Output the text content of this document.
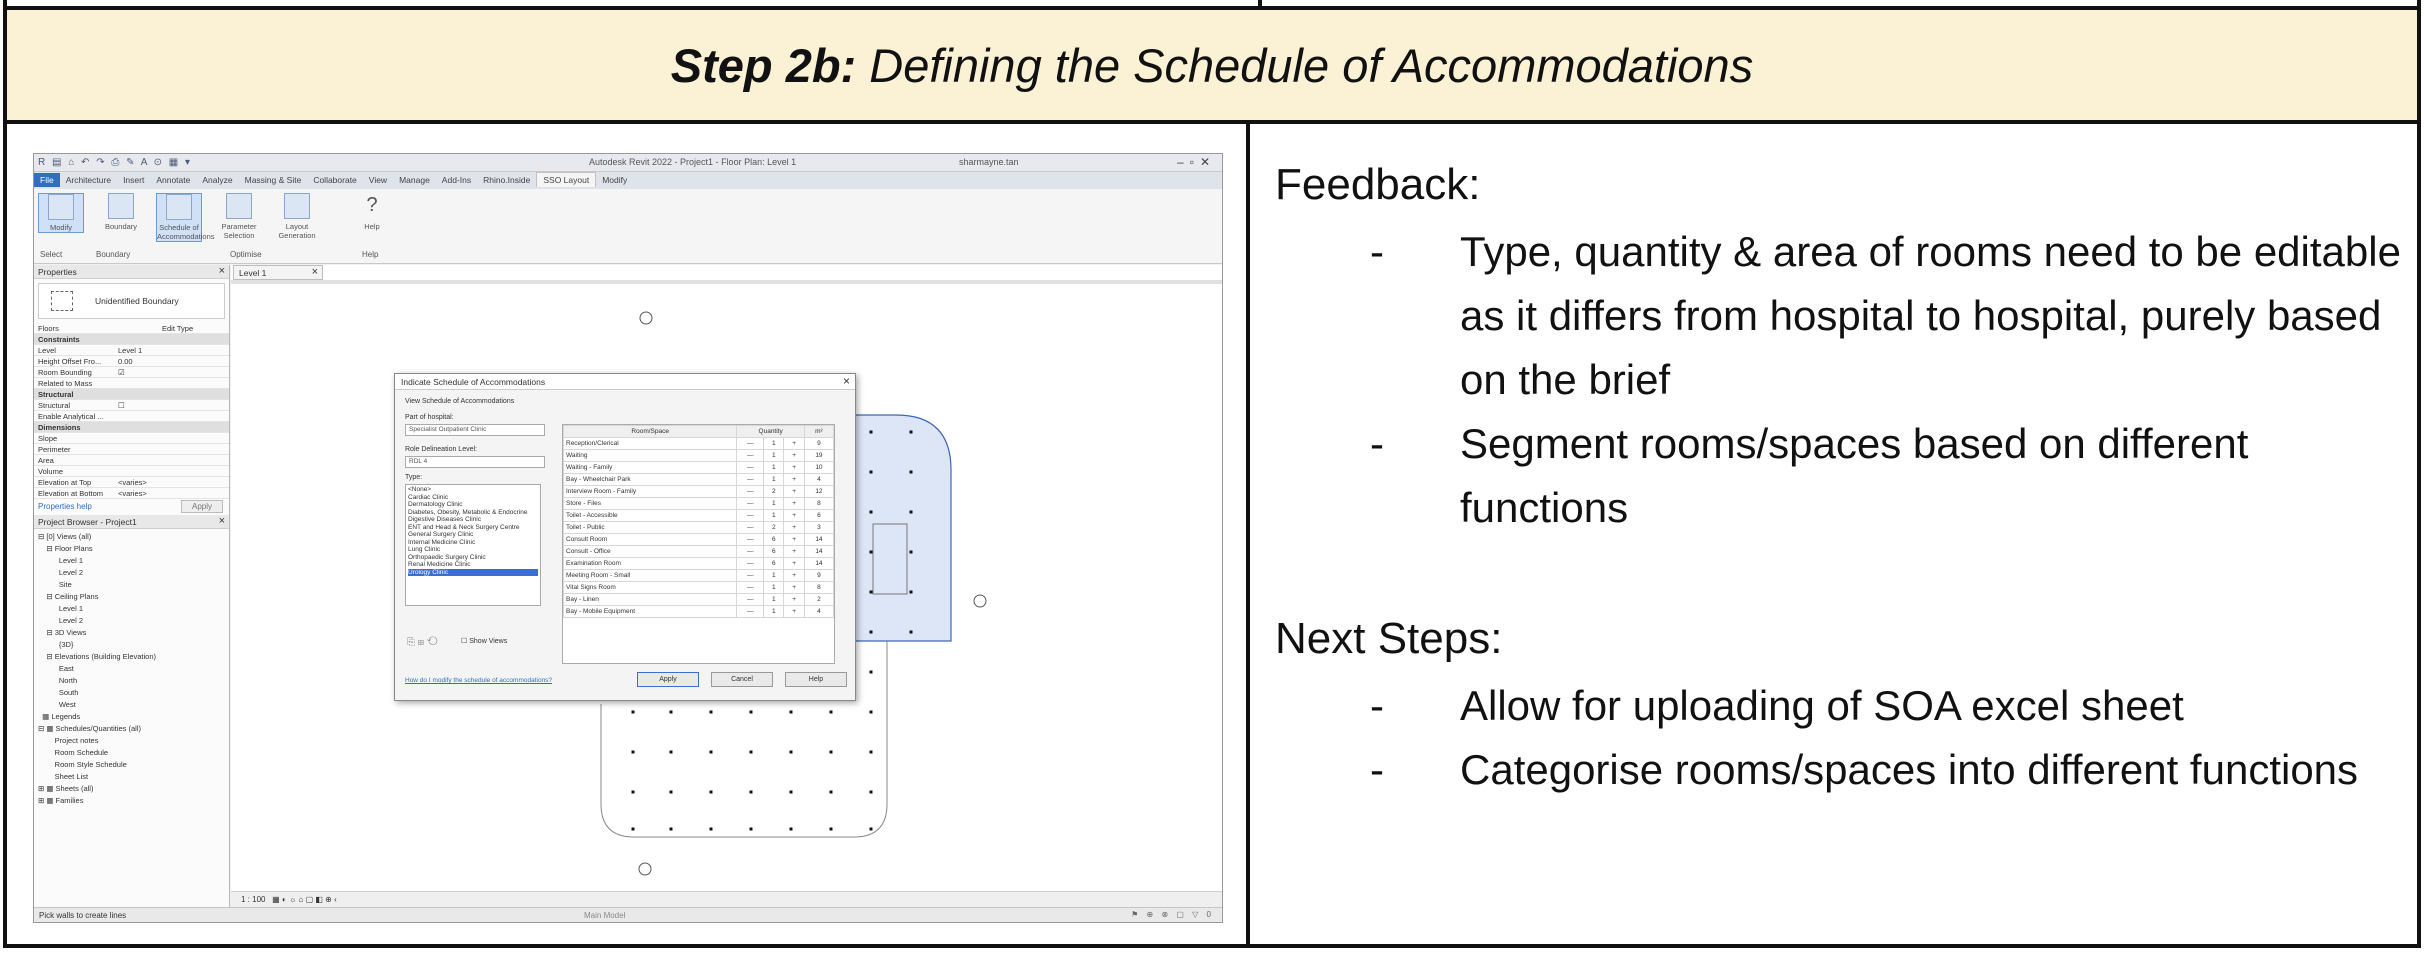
Step 2b: Defining the Schedule of Accommodations
R ▤ ⌂ ↶ ↷ ⎙ ✎ A ⊙ ▦ ▾	Autodesk Revit 2022 - Project1 - Floor Plan: Level 1	sharmayne.tan	–▫✕
File Architecture Insert Annotate Analyze Massing & Site Collaborate View Manage Add-Ins Rhino.Inside SSO Layout Modify
Modify	Boundary	Schedule of Accommodations
Parameter Selection
Layout Generation
?
Help
Select	Boundary	Optimise	Help
Properties	×
Unidentified Boundary
Floors	Edit Type
Constraints
Level	Level 1
Height Offset Fro... 0.00
Room Bounding	☑
Related to Mass
Structural
Structural	☐
Enable Analytical ...
Dimensions
Slope
Perimeter
Area
Volume
Elevation at Top	<varies>
Elevation at Bottom <varies>
Properties help	Apply
Project Browser - Project1	×
⊟ [0] Views (all)
⊟ Floor Plans
Level 1
Level 2
Site
⊟ Ceiling Plans
Level 1
Level 2
⊟ 3D Views
{3D}
⊟ Elevations (Building Elevation)
East
North
South
West
▦ Legends
⊟ ▦ Schedules/Quantities (all)
Project notes
Room Schedule
Room Style Schedule
Sheet List
⊞ ▦ Sheets (all)
⊞ ▦ Families
Level 1	×
1 : 100   ▦ ◐ ☼ ⌂ ▢ ◧ ⊕ ‹
Pick walls to create lines	Main Model	⚑ ⊕ ⊗ ▢ ▽ 0
Indicate Schedule of Accommodations	×
View Schedule of Accommodations
Part of hospital:
Specialist Outpatient Clinic
Role Delineation Level:
RDL 4
Type:
<None>
Cardiac Clinic
Dermatology Clinic
Diabetes, Obesity, Metabolic & Endocrine
Digestive Diseases Clinic
ENT and Head & Neck Surgery Centre
General Surgery Clinic
Internal Medicine Clinic
Lung Clinic
Orthopaedic Surgery Clinic
Renal Medicine Clinic
Urology Clinic
⎘ ⊞ ⟲	☐ Show Views
Room/Space	Quantity			m²
Reception/Clerical	—	1	+	9
Waiting	—	1	+	19
Waiting - Family	—	1	+	10
Bay - Wheelchair Park	—	1	+	4
Interview Room - Family	—	2	+	12
Store - Files	—	1	+	8
Toilet - Accessible	—	1	+	6
Toilet - Public	—	2	+	3
Consult Room	—	6	+	14
Consult - Office	—	6	+	14
Examination Room	—	6	+	14
Meeting Room - Small	—	1	+	9
Vital Signs Room	—	1	+	8
Bay - Linen	—	1	+	2
Bay - Mobile Equipment	—	1	+	4
How do I modify the schedule of accommodations?	Apply	Cancel	Help
Feedback:
- Type, quantity & area of rooms need to be editable as it differs from hospital to hospital, purely based on the brief
- Segment rooms/spaces based on different functions
Next Steps:
- Allow for uploading of SOA excel sheet
- Categorise rooms/spaces into different functions
